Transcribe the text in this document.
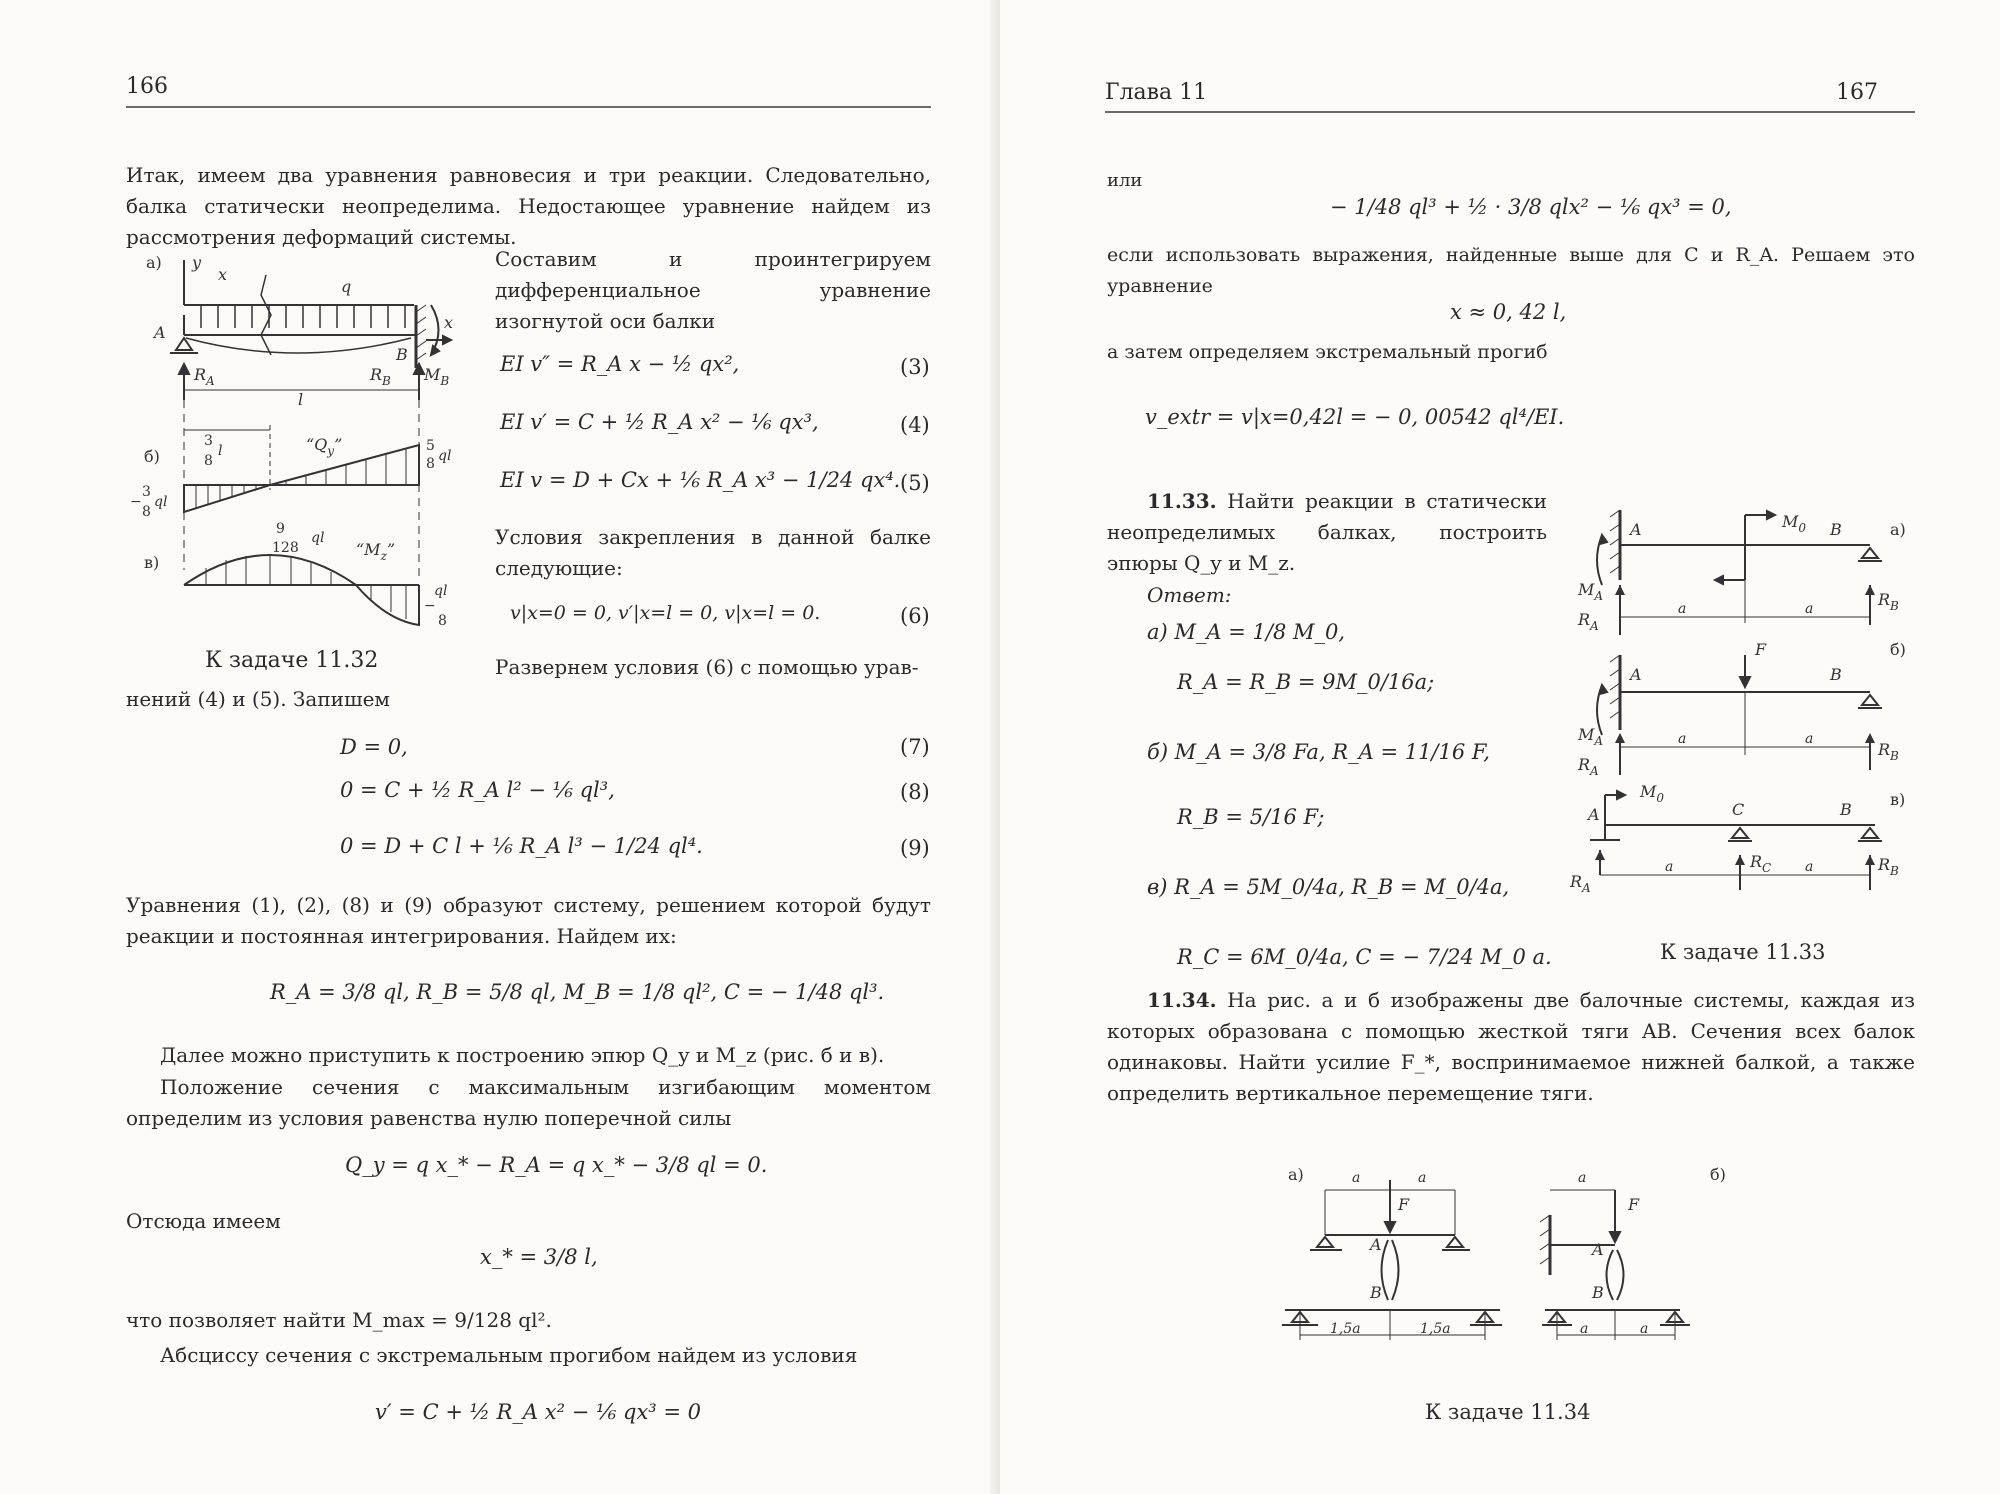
166
Итак, имеем два уравнения равновесия и три реакции. Следовательно, балка статически неопределима. Недостающее уравнение найдем из рассмотрения деформаций системы.
а) y
x
q
A
B
x
$R_A$	$R_B$ $M_B$
l
б)
3
8
l	“$Q_y$”	5
8 ql
−
3
8
ql
в)
9
128
ql
“$M_z$”
ql
8
−
Составим и проинтегрируем дифференциальное уравнение изогнутой оси балки
EI v″ = R_A x − ½ qx²,	(3)
EI v′ = C + ½ R_A x² − ⅙ qx³,	(4)
EI v = D + Cx + ⅙ R_A x³ − 1/24 qx⁴. (5)
Условия закрепления в данной балке следующие:
v|x=0 = 0, v′|x=l = 0, v|x=l = 0.	(6)
К задаче 11.32	Развернем условия (6) с помощью урав-
нений (4) и (5). Запишем
D = 0,	(7)
0 = C + ½ R_A l² − ⅙ ql³,	(8)
0 = D + C l + ⅙ R_A l³ − 1/24 ql⁴.	(9)
Уравнения (1), (2), (8) и (9) образуют систему, решением которой будут реакции и постоянная интегрирования. Найдем их:
R_A = 3/8 ql, R_B = 5/8 ql, M_B = 1/8 ql², C = − 1/48 ql³.
Далее можно приступить к построению эпюр Q_y и M_z (рис. б и в).
Положение сечения с максимальным изгибающим моментом определим из условия равенства нулю поперечной силы
Q_y = q x_* − R_A = q x_* − 3/8 ql = 0.
Отсюда имеем
x_* = 3/8 l,
что позволяет найти M_max = 9/128 ql².
Абсциссу сечения с экстремальным прогибом найдем из условия
v′ = C + ½ R_A x² − ⅙ qx³ = 0
Глава 11	167
или
− 1/48 ql³ + ½ · 3/8 qlx² − ⅙ qx³ = 0,
если использовать выражения, найденные выше для C и R_A. Решаем это уравнение
x ≈ 0, 42 l,
а затем определяем экстремальный прогиб
v_extr = v|x=0,42l = − 0, 00542 ql⁴/EI.
11.33. Найти реакции в статически неопределимых балках, построить эпюры Q_y и M_z.
Ответ:
а) M_A = 1/8 M_0,
R_A = R_B = 9M_0/16a;
б) M_A = 3/8 Fa, R_A = 11/16 F,
R_B = 5/16 F;
в) R_A = 5M_0/4a, R_B = M_0/4a,
R_C = 6M_0/4a, C = − 7/24 M_0 a.
а)
A	B
$M_0$
$M_A$
$R_A$
$R_B$
a	a
б)
A	B
F
$M_A$
$R_A$
$R_B$
a	a
в)
A
$M_0$
C	B
$R_A$
$R_C$	$R_B$
a	a
К задаче 11.33
11.34. На рис. а и б изображены две балочные системы, каждая из которых образована с помощью жесткой тяги AB. Сечения всех балок одинаковы. Найти усилие F_*, воспринимаемое нижней балкой, а также определить вертикальное перемещение тяги.
а)	a	a
F
A
B
1,5a	1,5a
б)
a
F
A
B
a	a
К задаче 11.34
